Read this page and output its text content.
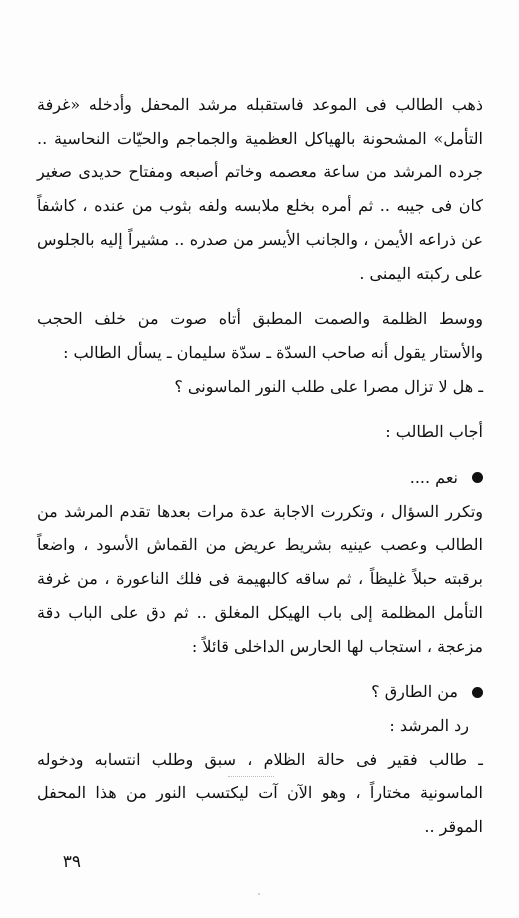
ذهب الطالب فى الموعد فاستقبله مرشد المحفل وأدخله «غرفة التأمل» المشحونة بالهياكل العظمية والجماجم والحيّات النحاسية .. جرده المرشد من ساعة معصمه وخاتم أصبعه ومفتاح حديدى صغير كان فى جيبه .. ثم أمره بخلع ملابسه ولفه بثوب من عنده ، كاشفاً عن ذراعه الأيمن ، والجانب الأيسر من صدره .. مشيراً إليه بالجلوس على ركبته اليمنى .

ووسط الظلمة والصمت المطبق أتاه صوت من خلف الحجب والأستار يقول أنه صاحب السدّة ـ سدّة سليمان ـ يسأل الطالب :

ـ هل لا تزال مصرا على طلب النور الماسونى ؟

أجاب الطالب :

نعم ....

وتكرر السؤال ، وتكررت الاجابة عدة مرات بعدها تقدم المرشد من الطالب وعصب عينيه بشريط عريض من القماش الأسود ، واضعاً برقبته حبلاً غليظاً ، ثم ساقه كالبهيمة فى فلك الناعورة ، من غرفة التأمل المظلمة إلى باب الهيكل المغلق .. ثم دق على الباب دقة مزعجة ، استجاب لها الحارس الداخلى قائلاً :

من الطارق ؟

رد المرشد :

ـ طالب فقير فى حالة الظلام ، سبق وطلب انتسابه ودخوله الماسونية مختاراً ، وهو الآن آت ليكتسب النور من هذا المحفل الموقر ..

٣٩
